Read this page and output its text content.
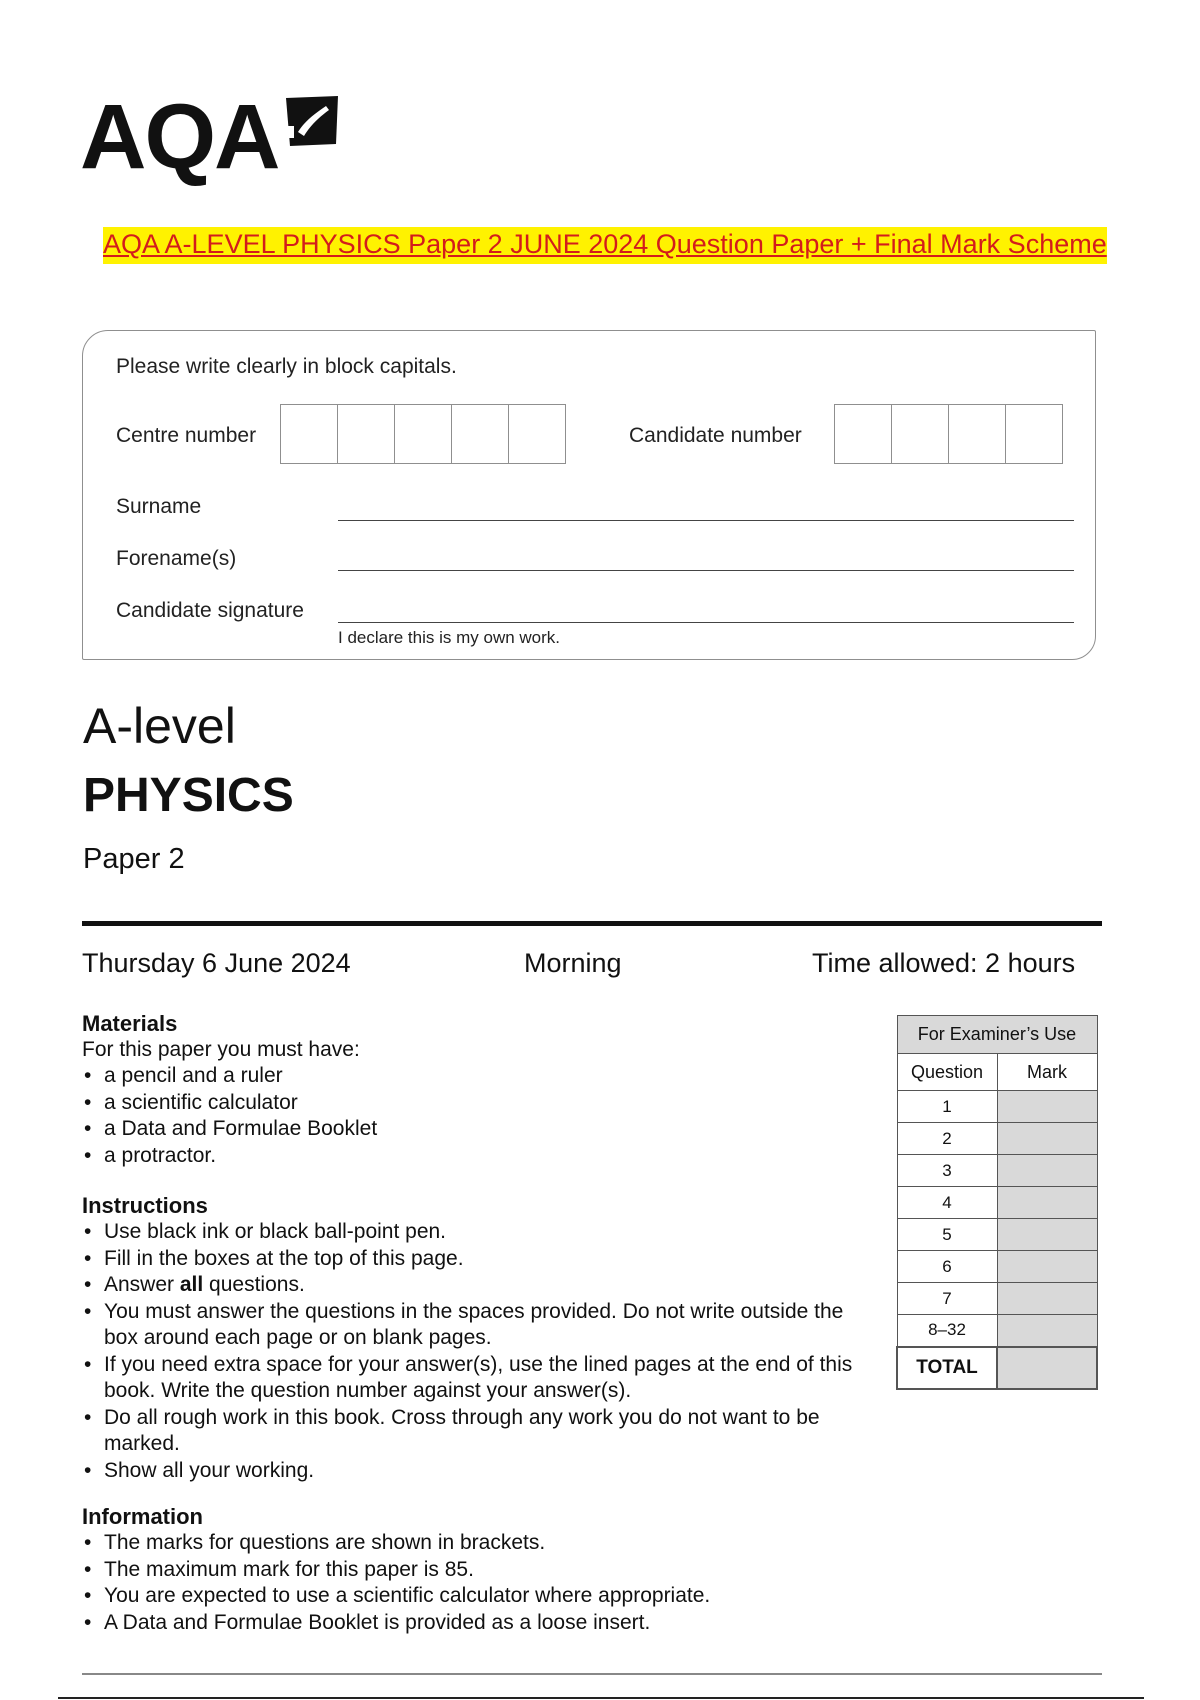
AQA
AQA A-LEVEL PHYSICS Paper 2 JUNE 2024 Question Paper + Final Mark Scheme
Please write clearly in block capitals.
Centre number	Candidate number
Surname
Forename(s)
Candidate signature
I declare this is my own work.
A-level
PHYSICS
Paper 2
Thursday 6 June 2024	Morning	Time allowed: 2 hours
Materials

For this paper you must have:

• a pencil and a ruler
• a scientific calculator
• a Data and Formulae Booklet
• a protractor.
Instructions
• Use black ink or black ball-point pen.
• Fill in the boxes at the top of this page.
• Answer all questions.
• You must answer the questions in the spaces provided. Do not write outside the box around each page or on blank pages.
• If you need extra space for your answer(s), use the lined pages at the end of this book. Write the question number against your answer(s).
• Do all rough work in this book. Cross through any work you do not want to be marked.
• Show all your working.
Information
• The marks for questions are shown in brackets.
• The maximum mark for this paper is 85.
• You are expected to use a scientific calculator where appropriate.
• A Data and Formulae Booklet is provided as a loose insert.
For Examiner’s Use	
Question	Mark
1	
2	
3	
4	
5	
6	
7	
8–32	
TOTAL	
